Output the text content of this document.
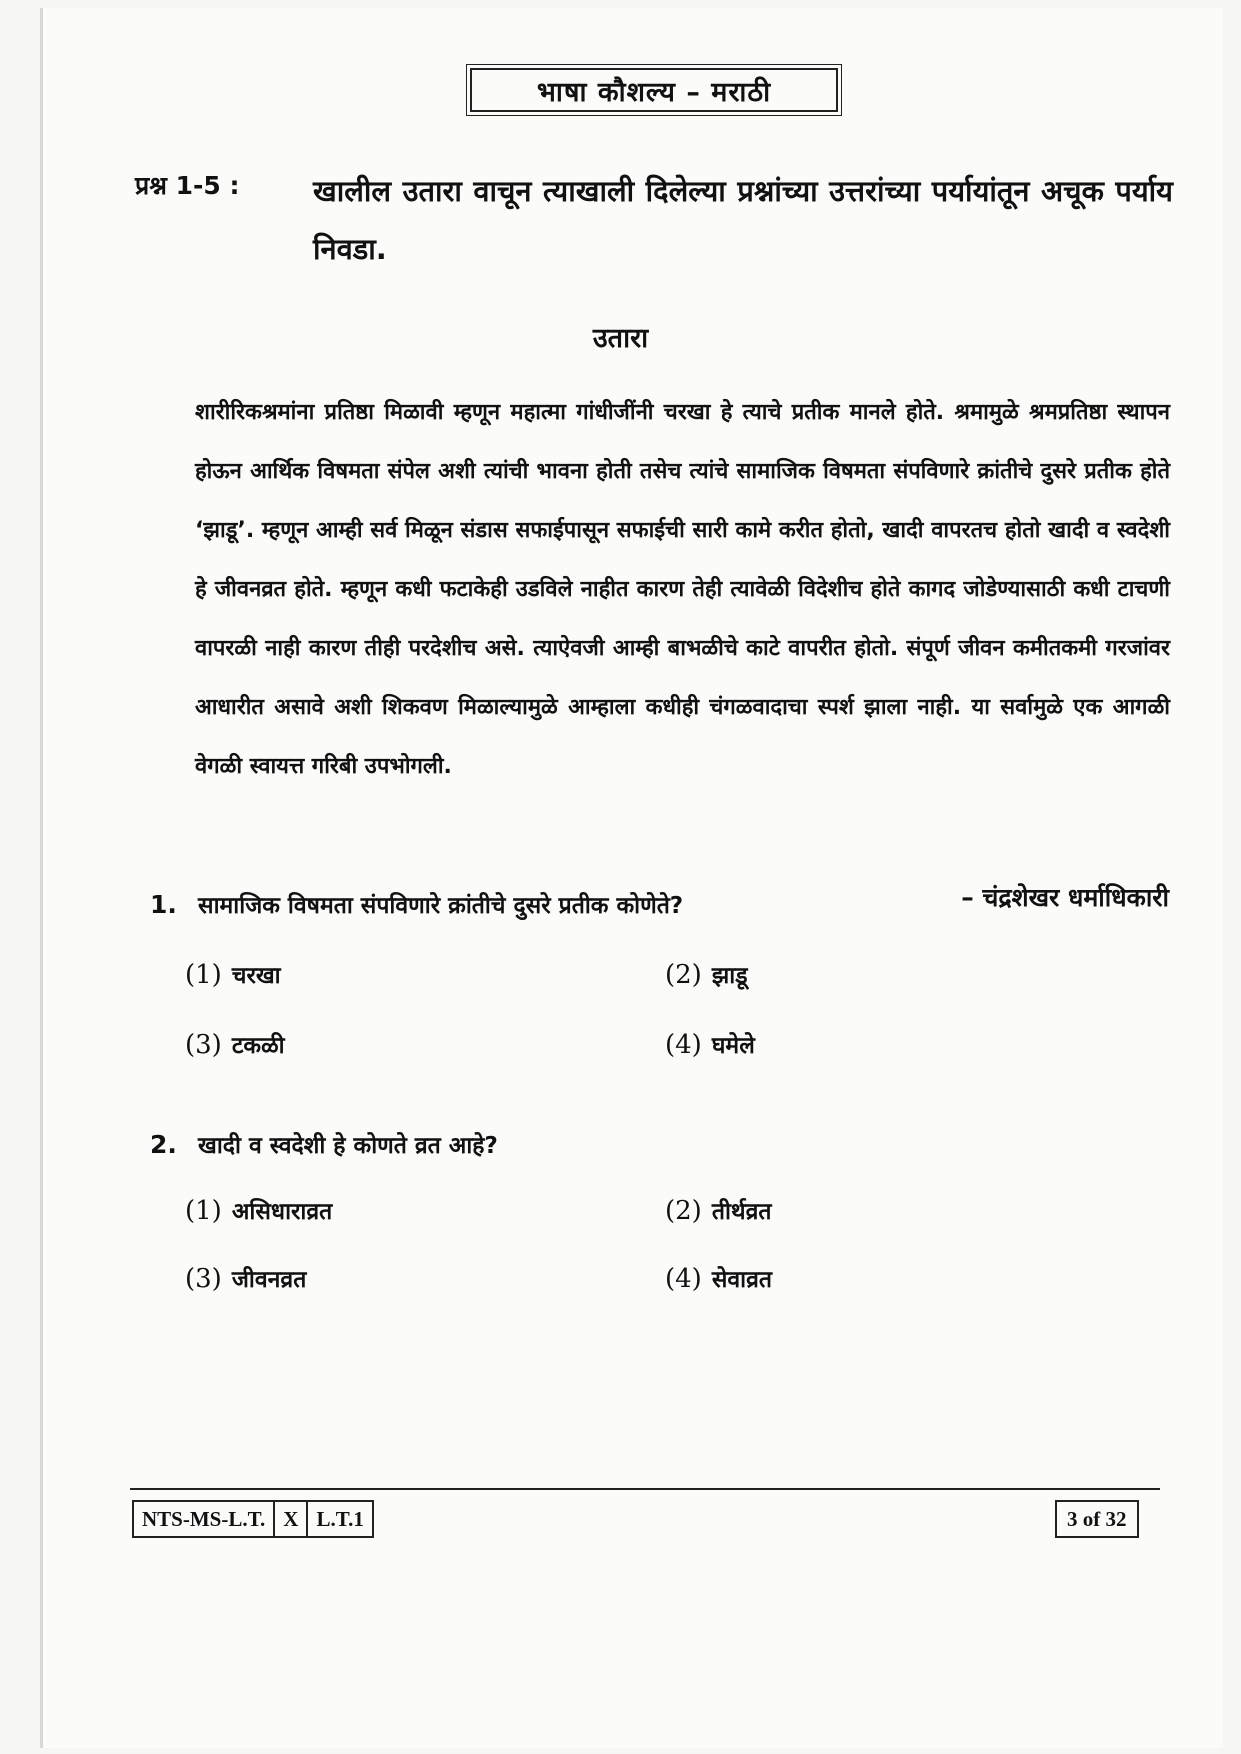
भाषा कौशल्य – मराठी
प्रश्न 1-5 :	खालील उतारा वाचून त्याखाली दिलेल्या प्रश्नांच्या उत्तरांच्या पर्यायांतून अचूक पर्याय निवडा.
उतारा
शारीरिकश्रमांना प्रतिष्ठा मिळावी म्हणून महात्मा गांधीजींनी चरखा हे त्याचे प्रतीक मानले होते. श्रमामुळे श्रमप्रतिष्ठा स्थापन होऊन आर्थिक विषमता संपेल अशी त्यांची भावना होती तसेच त्यांचे सामाजिक विषमता संपविणारे क्रांतीचे दुसरे प्रतीक होते ‘झाडू’. म्हणून आम्ही सर्व मिळून संडास सफाईपासून सफाईची सारी कामे करीत होतो, खादी वापरतच होतो खादी व स्वदेशी हे जीवनव्रत होते. म्हणून कधी फटाकेही उडविले नाहीत कारण तेही त्यावेळी विदेशीच होते कागद जोडेण्यासाठी कधी टाचणी वापरळी नाही कारण तीही परदेशीच असे. त्याऐवजी आम्ही बाभळीचे काटे वापरीत होतो. संपूर्ण जीवन कमीतकमी गरजांवर आधारीत असावे अशी शिकवण मिळाल्यामुळे आम्हाला कधीही चंगळवादाचा स्पर्श झाला नाही. या सर्वामुळे एक आगळी वेगळी स्वायत्त गरिबी उपभोगली.
– चंद्रशेखर धर्माधिकारी
1. सामाजिक विषमता संपविणारे क्रांतीचे दुसरे प्रतीक कोणेते?
(1) चरखा	(2) झाडू
(3) टकळी	(4) घमेले
2. खादी व स्वदेशी हे कोणते व्रत आहे?
(1) असिधाराव्रत	(2) तीर्थव्रत
(3) जीवनव्रत	(4) सेवाव्रत
NTS-MS-L.T. X L.T.1	3 of 32
